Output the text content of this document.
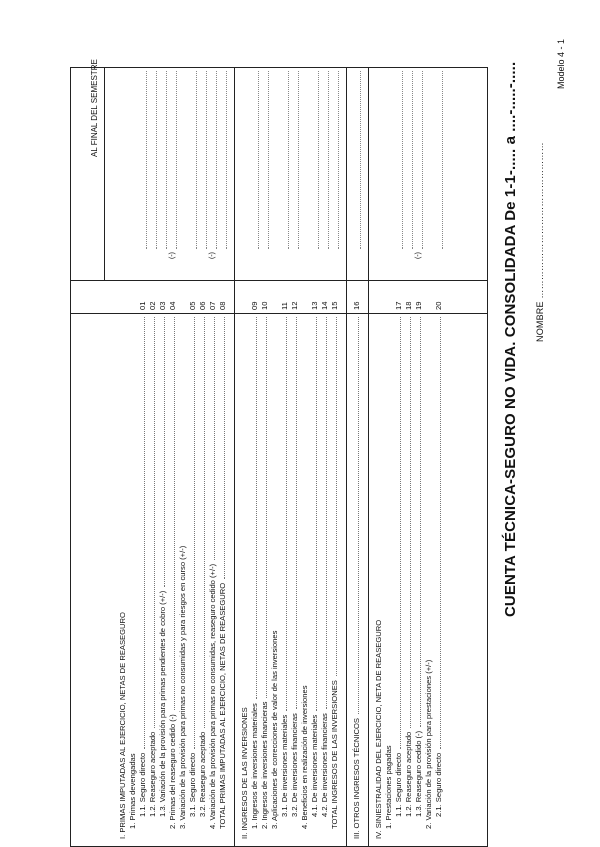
Modelo 4 - 1
NOMBRE ……………………………………………
CUENTA TÉCNICA-SEGURO NO VIDA. CONSOLIDADA De 1-1-..... a ....-.....-.....
AL FINAL DEL SEMESTRE
I. PRIMAS IMPUTADAS AL EJERCICIO, NETAS DE REASEGURO 1. Primas devengadas 1.1. Seguro directo
01
1.2. Reaseguro aceptado
02
1.3. Variación de la provisión para primas pendientes de cobro (+/-)
03
2. Primas del reaseguro cedido (-)
04
(-)
3. Variación de la provisión para primas no consumidas y para riesgos en curso (+/-) 3.1. Seguro directo
05
3.2. Reaseguro aceptado
06
4. Variación de la provisión para primas no consumidas, reaseguro cedido (+/-)
07
(-)
TOTAL PRIMAS IMPUTADAS AL EJERCICIO, NETAS DE REASEGURO
08
II. INGRESOS DE LAS INVERSIONES 1. Ingresos de inversiones materiales
09
2. Ingresos de inversiones financieras
10
3. Aplicaciones de correcciones de valor de las inversiones 3.1. De inversiones materiales
11
3.2. De inversiones financieras
12
4. Beneficios en realización de inversiones 4.1. De inversiones materiales
13
4.2. De inversiones financieras
14
TOTAL INGRESOS DE LAS INVERSIONES
15
III. OTROS INGRESOS TÉCNICOS
16
IV. SINIESTRALIDAD DEL EJERCICIO, NETA DE REASEGURO 1. Prestaciones pagadas 1.1. Seguro directo
17
1.2. Reaseguro aceptado
18
1.3. Reaseguro cedido (-)
19
(-)
2. Variación de la provisión para prestaciones (+/-) 2.1. Seguro directo
20
